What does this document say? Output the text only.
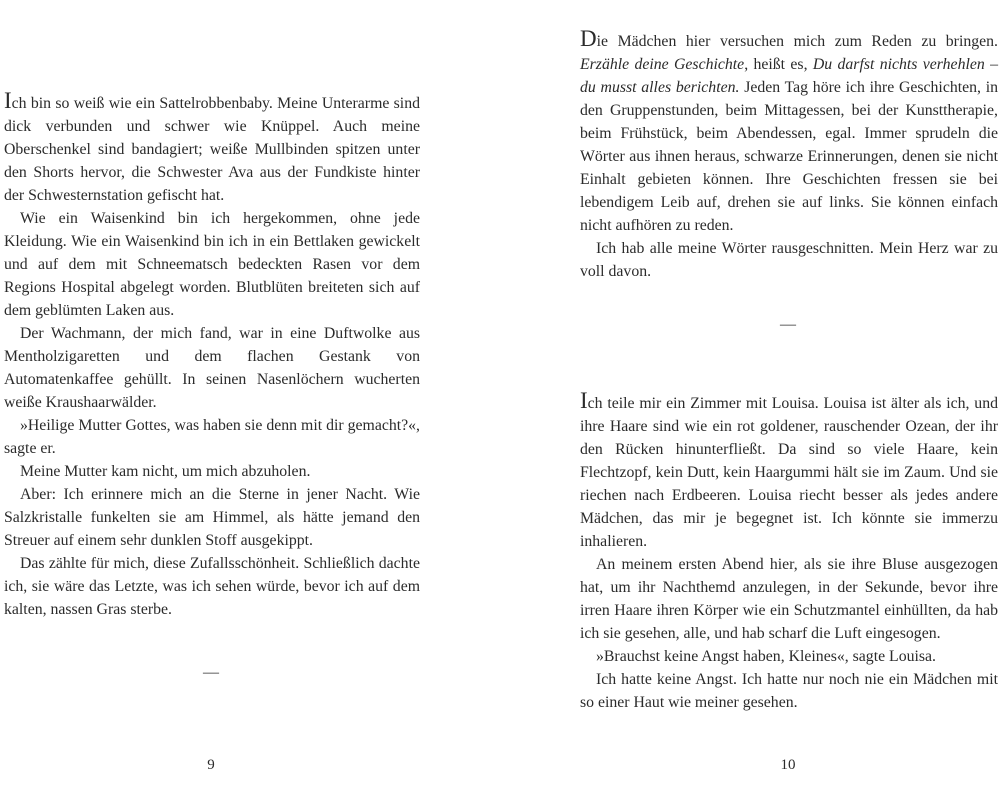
Ich bin so weiß wie ein Sattelrobbenbaby. Meine Unterarme sind dick verbunden und schwer wie Knüppel. Auch meine Oberschenkel sind bandagiert; weiße Mullbinden spitzen unter den Shorts hervor, die Schwester Ava aus der Fundkiste hinter der Schwesternstation gefischt hat.

Wie ein Waisenkind bin ich hergekommen, ohne jede Kleidung. Wie ein Waisenkind bin ich in ein Bettlaken gewickelt und auf dem mit Schneematsch bedeckten Rasen vor dem Regions Hospital abgelegt worden. Blutblüten breiteten sich auf dem geblümten Laken aus.

Der Wachmann, der mich fand, war in eine Duftwolke aus Mentholzigaretten und dem flachen Gestank von Automatenkaffee gehüllt. In seinen Nasenlöchern wucherten weiße Kraushaarwälder.

»Heilige Mutter Gottes, was haben sie denn mit dir gemacht?«, sagte er.

Meine Mutter kam nicht, um mich abzuholen.

Aber: Ich erinnere mich an die Sterne in jener Nacht. Wie Salzkristalle funkelten sie am Himmel, als hätte jemand den Streuer auf einem sehr dunklen Stoff ausgekippt.

Das zählte für mich, diese Zufallsschönheit. Schließlich dachte ich, sie wäre das Letzte, was ich sehen würde, bevor ich auf dem kalten, nassen Gras sterbe.

—
9

Die Mädchen hier versuchen mich zum Reden zu bringen. Erzähle deine Geschichte, heißt es, Du darfst nichts verhehlen – du musst alles berichten. Jeden Tag höre ich ihre Geschichten, in den Gruppenstunden, beim Mittagessen, bei der Kunsttherapie, beim Frühstück, beim Abendessen, egal. Immer sprudeln die Wörter aus ihnen heraus, schwarze Erinnerungen, denen sie nicht Einhalt gebieten können. Ihre Geschichten fressen sie bei lebendigem Leib auf, drehen sie auf links. Sie können einfach nicht aufhören zu reden.

Ich hab alle meine Wörter rausgeschnitten. Mein Herz war zu voll davon.

—

Ich teile mir ein Zimmer mit Louisa. Louisa ist älter als ich, und ihre Haare sind wie ein rot goldener, rauschender Ozean, der ihr den Rücken hinunterfließt. Da sind so viele Haare, kein Flechtzopf, kein Dutt, kein Haargummi hält sie im Zaum. Und sie riechen nach Erdbeeren. Louisa riecht besser als jedes andere Mädchen, das mir je begegnet ist. Ich könnte sie immerzu inhalieren.

An meinem ersten Abend hier, als sie ihre Bluse ausgezogen hat, um ihr Nachthemd anzulegen, in der Sekunde, bevor ihre irren Haare ihren Körper wie ein Schutzmantel einhüllten, da hab ich sie gesehen, alle, und hab scharf die Luft eingesogen.

»Brauchst keine Angst haben, Kleines«, sagte Louisa.

Ich hatte keine Angst. Ich hatte nur noch nie ein Mädchen mit so einer Haut wie meiner gesehen.

10
